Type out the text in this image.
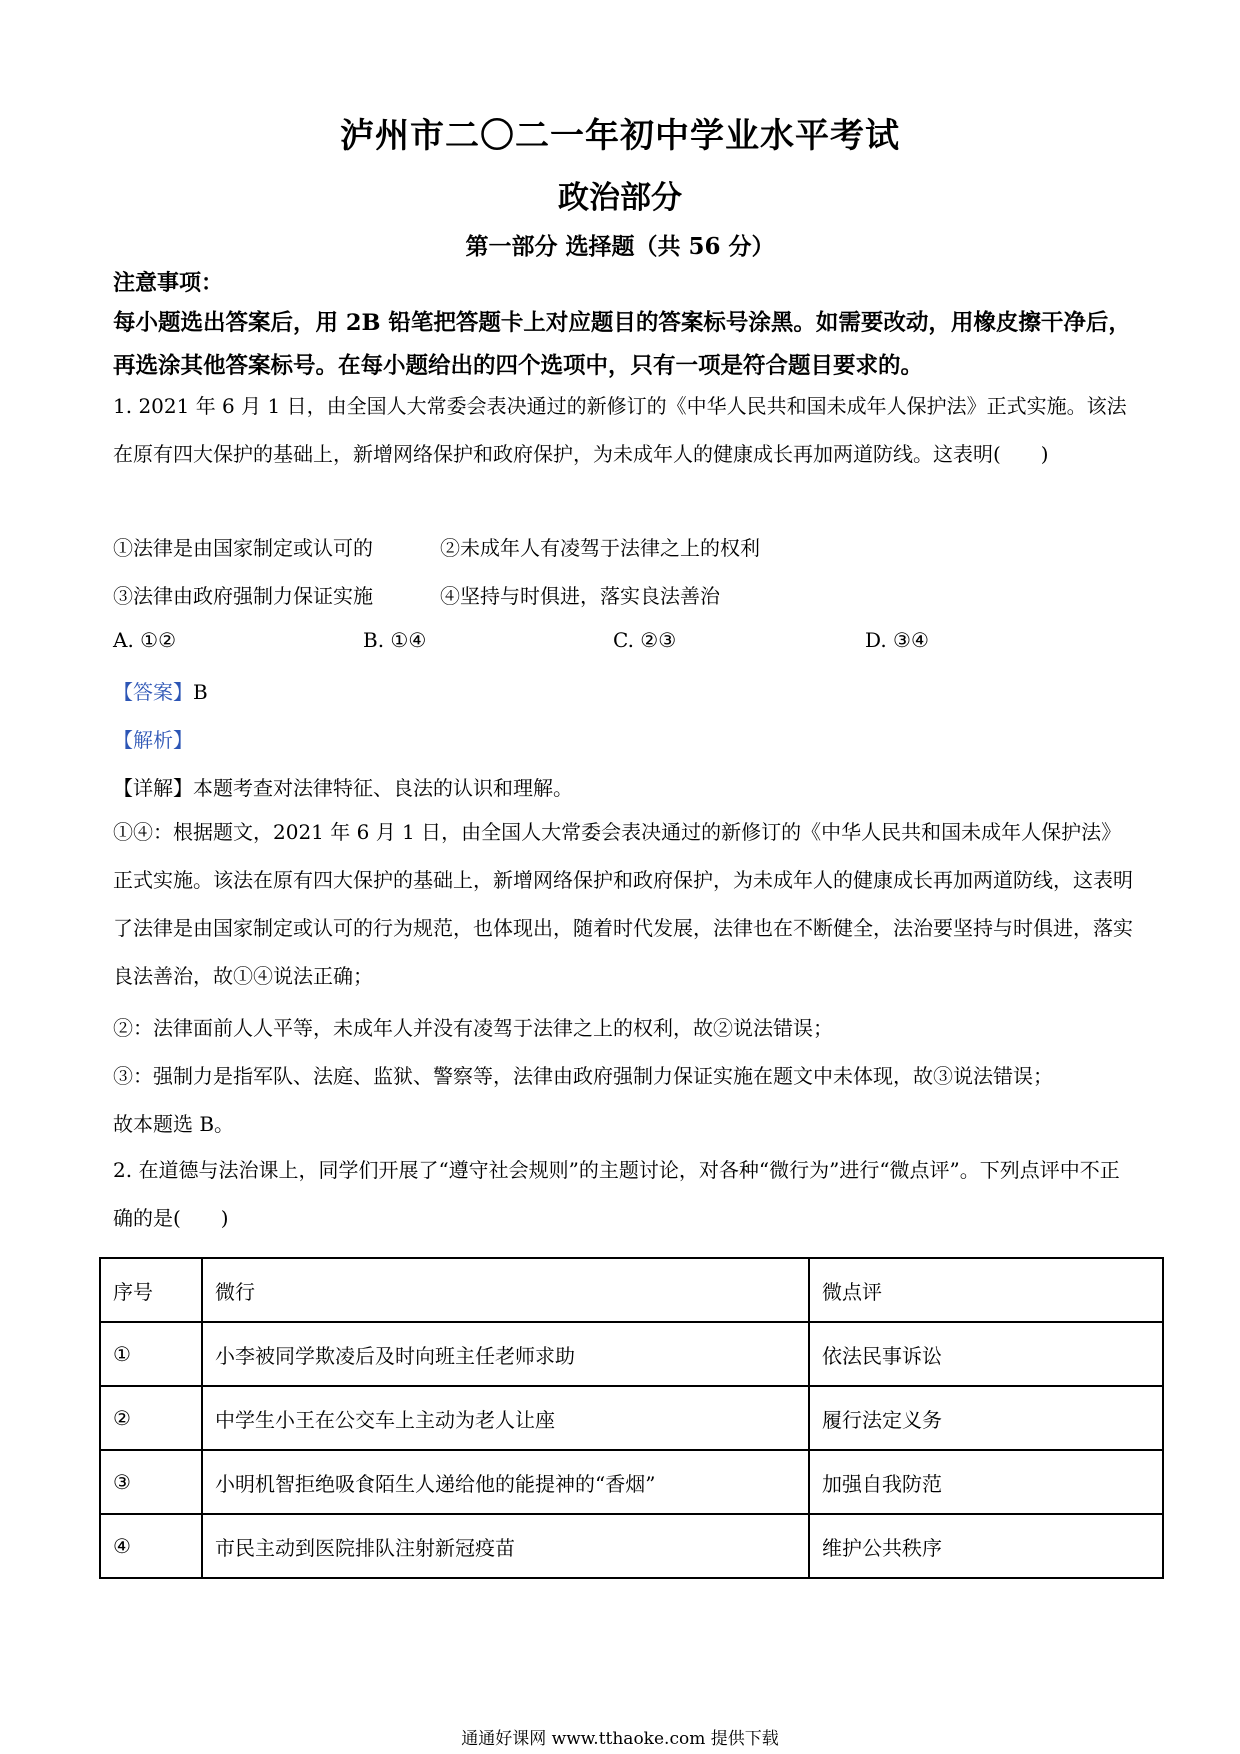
泸州市二〇二一年初中学业水平考试
政治部分
第一部分 选择题（共 56 分）
注意事项：
每小题选出答案后，用 2B 铅笔把答题卡上对应题目的答案标号涂黑。如需要改动，用橡皮擦干净后，再选涂其他答案标号。在每小题给出的四个选项中，只有一项是符合题目要求的。
1. 2021 年 6 月 1 日，由全国人大常委会表决通过的新修订的《中华人民共和国未成年人保护法》正式实施。该法在原有四大保护的基础上，新增网络保护和政府保护，为未成年人的健康成长再加两道防线。这表明(　　)
①法律是由国家制定或认可的	②未成年人有凌驾于法律之上的权利
③法律由政府强制力保证实施	④坚持与时俱进，落实良法善治
A. ①②	B. ①④	C. ②③	D. ③④
【答案】B
【解析】
【详解】本题考查对法律特征、良法的认识和理解。
①④：根据题文，2021 年 6 月 1 日，由全国人大常委会表决通过的新修订的《中华人民共和国未成年人保护法》正式实施。该法在原有四大保护的基础上，新增网络保护和政府保护，为未成年人的健康成长再加两道防线，这表明了法律是由国家制定或认可的行为规范，也体现出，随着时代发展，法律也在不断健全，法治要坚持与时俱进，落实良法善治，故①④说法正确；
②：法律面前人人平等，未成年人并没有凌驾于法律之上的权利，故②说法错误；
③：强制力是指军队、法庭、监狱、警察等，法律由政府强制力保证实施在题文中未体现，故③说法错误；
故本题选 B。
2. 在道德与法治课上，同学们开展了“遵守社会规则”的主题讨论，对各种“微行为”进行“微点评”。下列点评中不正确的是(　　)
序号	微行	微点评
①	小李被同学欺凌后及时向班主任老师求助	依法民事诉讼
②	中学生小王在公交车上主动为老人让座	履行法定义务
③	小明机智拒绝吸食陌生人递给他的能提神的“香烟”	加强自我防范
④	市民主动到医院排队注射新冠疫苗	维护公共秩序
通通好课网 www.tthaoke.com 提供下载
